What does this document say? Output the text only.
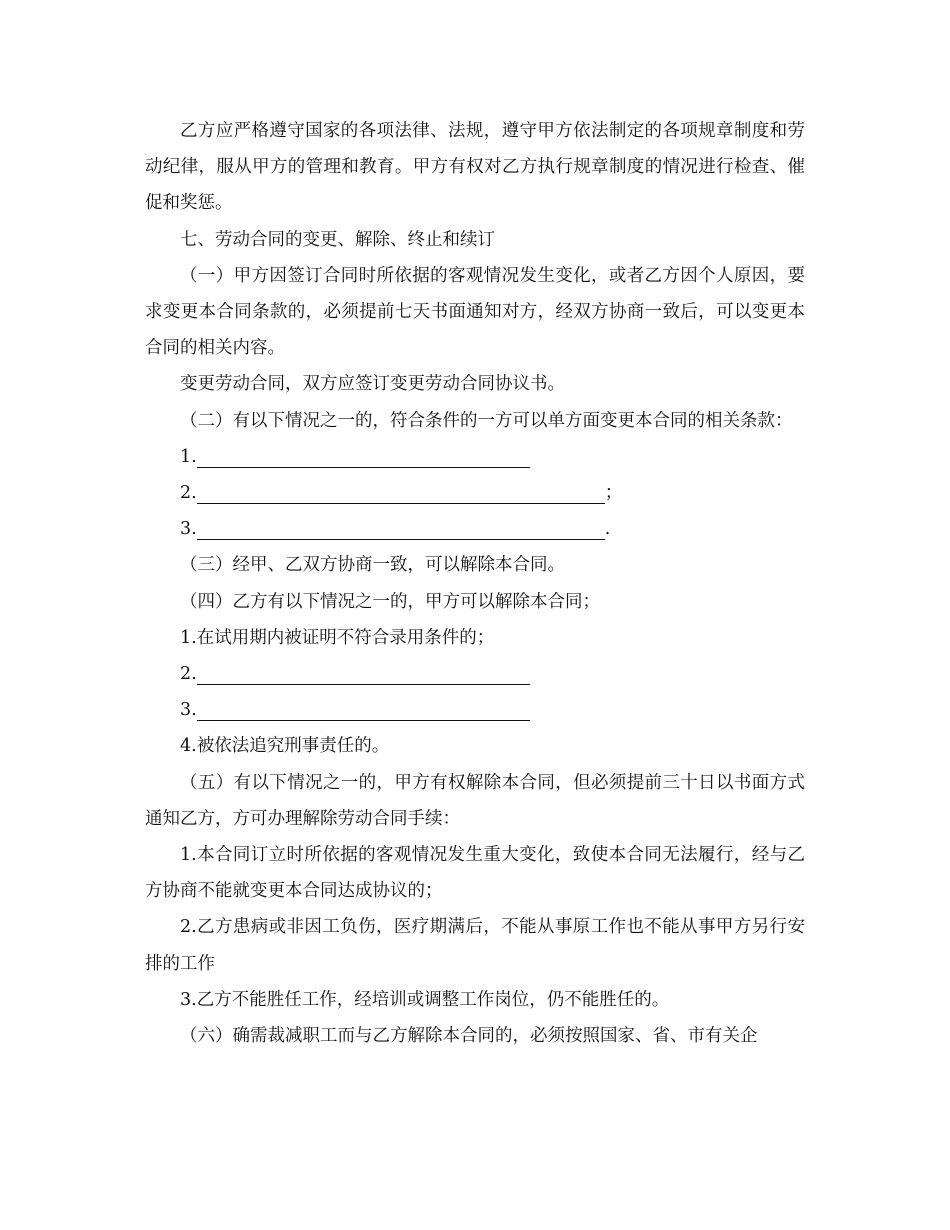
乙方应严格遵守国家的各项法律、法规，遵守甲方依法制定的各项规章制度和劳动纪律，服从甲方的管理和教育。甲方有权对乙方执行规章制度的情况进行检查、催促和奖惩。

七、劳动合同的变更、解除、终止和续订

（一）甲方因签订合同时所依据的客观情况发生变化，或者乙方因个人原因，要求变更本合同条款的，必须提前七天书面通知对方，经双方协商一致后，可以变更本合同的相关内容。

变更劳动合同，双方应签订变更劳动合同协议书。

（二）有以下情况之一的，符合条件的一方可以单方面变更本合同的相关条款：

1.

2.	；

3.	.

（三）经甲、乙双方协商一致，可以解除本合同。

（四）乙方有以下情况之一的，甲方可以解除本合同；

1.在试用期内被证明不符合录用条件的；

2.

3.

4.被依法追究刑事责任的。

（五）有以下情况之一的，甲方有权解除本合同，但必须提前三十日以书面方式通知乙方，方可办理解除劳动合同手续：

1.本合同订立时所依据的客观情况发生重大变化，致使本合同无法履行，经与乙方协商不能就变更本合同达成协议的；

2.乙方患病或非因工负伤，医疗期满后，不能从事原工作也不能从事甲方另行安排的工作

3.乙方不能胜任工作，经培训或调整工作岗位，仍不能胜任的。

（六）确需裁减职工而与乙方解除本合同的，必须按照国家、省、市有关企
